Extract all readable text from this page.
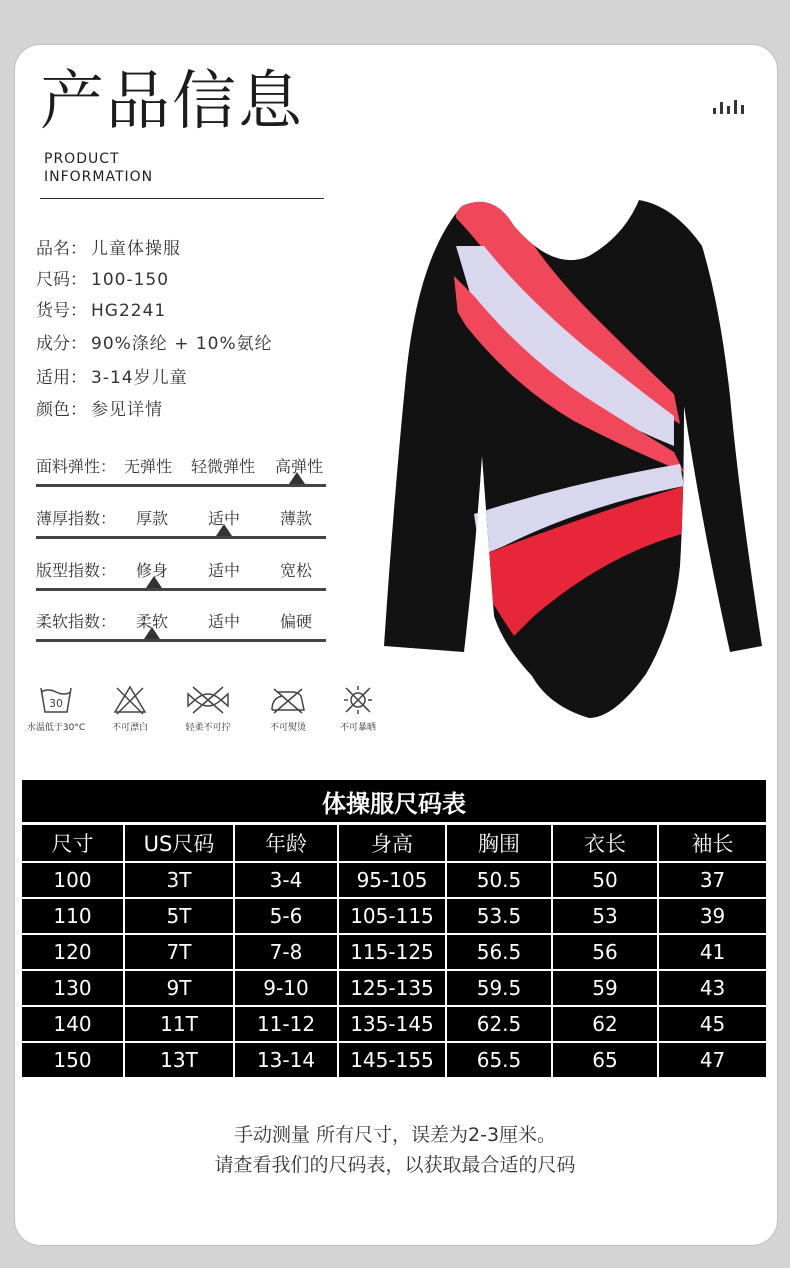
产品信息
PRODUCT
INFORMATION
品名： 儿童体操服
尺码： 100-150
货号： HG2241
成分： 90%涤纶 + 10%氨纶
适用： 3-14岁儿童
颜色： 参见详情
面料弹性： 无弹性 轻微弹性 高弹性
薄厚指数： 厚款 适中 薄款
版型指数： 修身 适中 宽松
柔软指数： 柔软 适中 偏硬
30
水温低于30°C	不可漂白	轻柔不可拧	不可熨烫	不可暴晒
体操服尺码表						
尺寸	US尺码	年龄	身高	胸围	衣长	袖长
100	3T	3-4	95-105	50.5	50	37
110	5T	5-6	105-115	53.5	53	39
120	7T	7-8	115-125	56.5	56	41
130	9T	9-10	125-135	59.5	59	43
140	11T	11-12	135-145	62.5	62	45
150	13T	13-14	145-155	65.5	65	47
手动测量 所有尺寸，误差为2-3厘米。
请查看我们的尺码表，以获取最合适的尺码
